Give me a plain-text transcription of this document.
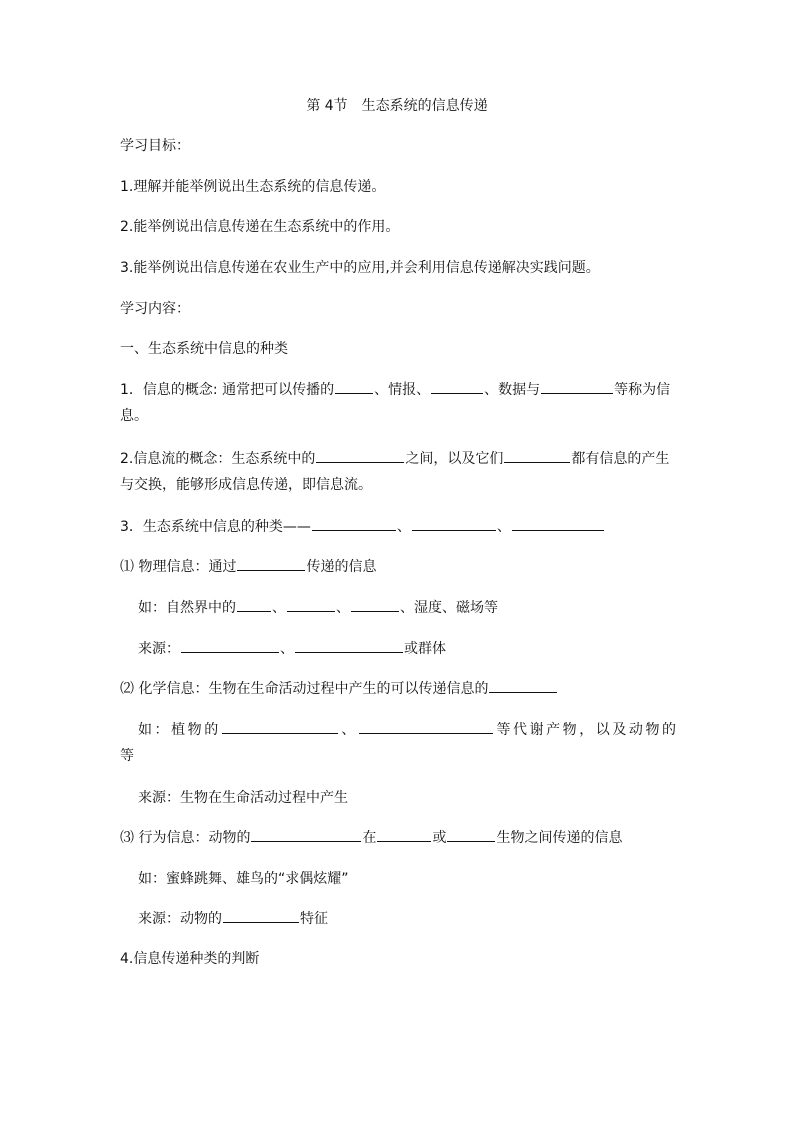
第 4节　生态系统的信息传递
学习目标：
1.理解并能举例说出生态系统的信息传递。
2.能举例说出信息传递在生态系统中的作用。
3.能举例说出信息传递在农业生产中的应用,并会利用信息传递解决实践问题。
学习内容：
一、生态系统中信息的种类
1．信息的概念: 通常把可以传播的	、情报、	、数据与	等称为信
息。
2.信息流的概念：生态系统中的	之间，以及它们	都有信息的产生
与交换，能够形成信息传递，即信息流。
3．生态系统中信息的种类——	、	、
⑴ 物理信息：通过	传递的信息
如：自然界中的	、	、	、湿度、磁场等
来源：	、	或群体
⑵ 化学信息：生物在生命活动过程中产生的可以传递信息的
如：植物的	、	等代谢产物，以及动物的
等
来源：生物在生命活动过程中产生
⑶ 行为信息：动物的	在	或	生物之间传递的信息
如：蜜蜂跳舞、雄鸟的“求偶炫耀”
来源：动物的	特征
4.信息传递种类的判断
